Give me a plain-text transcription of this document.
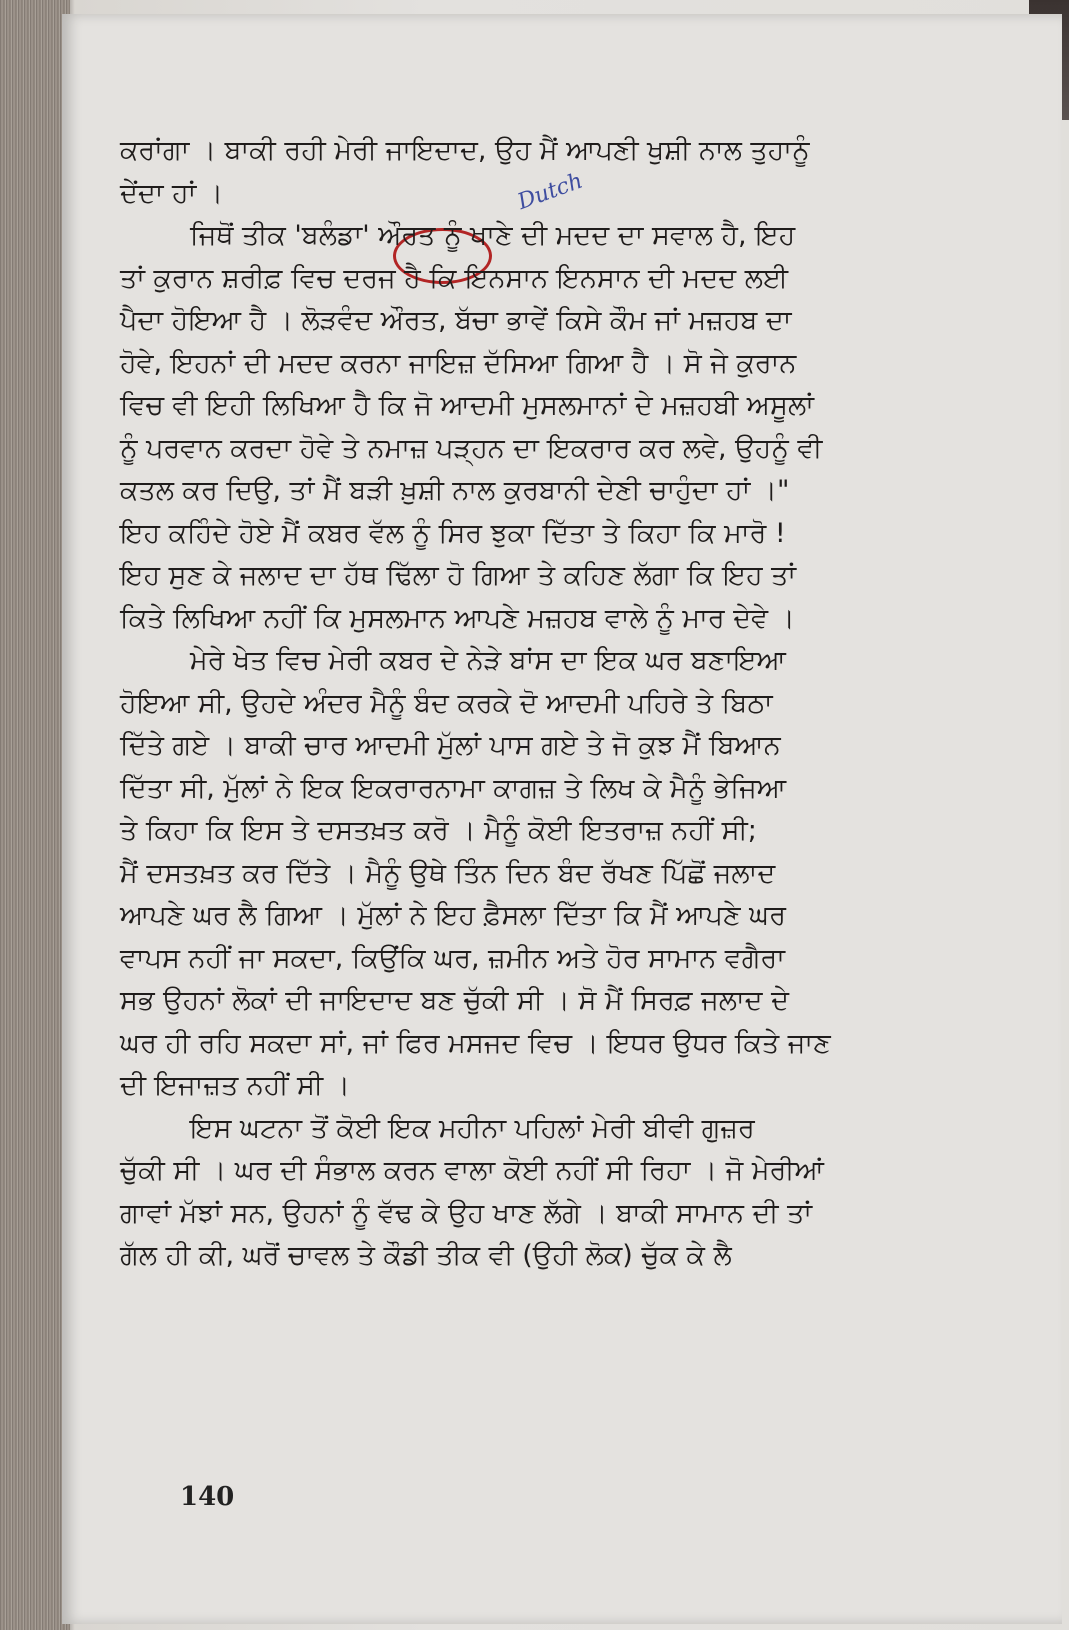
Dutch
ਕਰਾਂਗਾ । ਬਾਕੀ ਰਹੀ ਮੇਰੀ ਜਾਇਦਾਦ, ਉਹ ਮੈਂ ਆਪਣੀ ਖੁਸ਼ੀ ਨਾਲ ਤੁਹਾਨੂੰ
ਦੇਂਦਾ ਹਾਂ ।
ਜਿਥੋਂ ਤੀਕ 'ਬਲੰਡਾ' ਔਰਤ ਨੂੰ ਖਾਣੇ ਦੀ ਮਦਦ ਦਾ ਸਵਾਲ ਹੈ, ਇਹ
ਤਾਂ ਕੁਰਾਨ ਸ਼ਰੀਫ਼ ਵਿਚ ਦਰਜ ਹੈ ਕਿ ਇਨਸਾਨ ਇਨਸਾਨ ਦੀ ਮਦਦ ਲਈ
ਪੈਦਾ ਹੋਇਆ ਹੈ । ਲੋੜਵੰਦ ਔਰਤ, ਬੱਚਾ ਭਾਵੇਂ ਕਿਸੇ ਕੌਮ ਜਾਂ ਮਜ਼ਹਬ ਦਾ
ਹੋਵੇ, ਇਹਨਾਂ ਦੀ ਮਦਦ ਕਰਨਾ ਜਾਇਜ਼ ਦੱਸਿਆ ਗਿਆ ਹੈ । ਸੋ ਜੇ ਕੁਰਾਨ
ਵਿਚ ਵੀ ਇਹੀ ਲਿਖਿਆ ਹੈ ਕਿ ਜੋ ਆਦਮੀ ਮੁਸਲਮਾਨਾਂ ਦੇ ਮਜ਼ਹਬੀ ਅਸੂਲਾਂ
ਨੂੰ ਪਰਵਾਨ ਕਰਦਾ ਹੋਵੇ ਤੇ ਨਮਾਜ਼ ਪੜ੍ਹਨ ਦਾ ਇਕਰਾਰ ਕਰ ਲਵੇ, ਉਹਨੂੰ ਵੀ
ਕਤਲ ਕਰ ਦਿਉ, ਤਾਂ ਮੈਂ ਬੜੀ ਖ਼ੁਸ਼ੀ ਨਾਲ ਕੁਰਬਾਨੀ ਦੇਣੀ ਚਾਹੁੰਦਾ ਹਾਂ ।"
ਇਹ ਕਹਿੰਦੇ ਹੋਏ ਮੈਂ ਕਬਰ ਵੱਲ ਨੂੰ ਸਿਰ ਝੁਕਾ ਦਿੱਤਾ ਤੇ ਕਿਹਾ ਕਿ ਮਾਰੋ !
ਇਹ ਸੁਣ ਕੇ ਜਲਾਦ ਦਾ ਹੱਥ ਢਿੱਲਾ ਹੋ ਗਿਆ ਤੇ ਕਹਿਣ ਲੱਗਾ ਕਿ ਇਹ ਤਾਂ
ਕਿਤੇ ਲਿਖਿਆ ਨਹੀਂ ਕਿ ਮੁਸਲਮਾਨ ਆਪਣੇ ਮਜ਼ਹਬ ਵਾਲੇ ਨੂੰ ਮਾਰ ਦੇਵੇ ।
ਮੇਰੇ ਖੇਤ ਵਿਚ ਮੇਰੀ ਕਬਰ ਦੇ ਨੇੜੇ ਬਾਂਸ ਦਾ ਇਕ ਘਰ ਬਣਾਇਆ
ਹੋਇਆ ਸੀ, ਉਹਦੇ ਅੰਦਰ ਮੈਨੂੰ ਬੰਦ ਕਰਕੇ ਦੋ ਆਦਮੀ ਪਹਿਰੇ ਤੇ ਬਿਠਾ
ਦਿੱਤੇ ਗਏ । ਬਾਕੀ ਚਾਰ ਆਦਮੀ ਮੁੱਲਾਂ ਪਾਸ ਗਏ ਤੇ ਜੋ ਕੁਝ ਮੈਂ ਬਿਆਨ
ਦਿੱਤਾ ਸੀ, ਮੁੱਲਾਂ ਨੇ ਇਕ ਇਕਰਾਰਨਾਮਾ ਕਾਗਜ਼ ਤੇ ਲਿਖ ਕੇ ਮੈਨੂੰ ਭੇਜਿਆ
ਤੇ ਕਿਹਾ ਕਿ ਇਸ ਤੇ ਦਸਤਖ਼ਤ ਕਰੋ । ਮੈਨੂੰ ਕੋਈ ਇਤਰਾਜ਼ ਨਹੀਂ ਸੀ;
ਮੈਂ ਦਸਤਖ਼ਤ ਕਰ ਦਿੱਤੇ । ਮੈਨੂੰ ਉਥੇ ਤਿੰਨ ਦਿਨ ਬੰਦ ਰੱਖਣ ਪਿੱਛੋਂ ਜਲਾਦ
ਆਪਣੇ ਘਰ ਲੈ ਗਿਆ । ਮੁੱਲਾਂ ਨੇ ਇਹ ਫ਼ੈਸਲਾ ਦਿੱਤਾ ਕਿ ਮੈਂ ਆਪਣੇ ਘਰ
ਵਾਪਸ ਨਹੀਂ ਜਾ ਸਕਦਾ, ਕਿਉਂਕਿ ਘਰ, ਜ਼ਮੀਨ ਅਤੇ ਹੋਰ ਸਾਮਾਨ ਵਗੈਰਾ
ਸਭ ਉਹਨਾਂ ਲੋਕਾਂ ਦੀ ਜਾਇਦਾਦ ਬਣ ਚੁੱਕੀ ਸੀ । ਸੋ ਮੈਂ ਸਿਰਫ਼ ਜਲਾਦ ਦੇ
ਘਰ ਹੀ ਰਹਿ ਸਕਦਾ ਸਾਂ, ਜਾਂ ਫਿਰ ਮਸਜਦ ਵਿਚ । ਇਧਰ ਉਧਰ ਕਿਤੇ ਜਾਣ
ਦੀ ਇਜਾਜ਼ਤ ਨਹੀਂ ਸੀ ।
ਇਸ ਘਟਨਾ ਤੋਂ ਕੋਈ ਇਕ ਮਹੀਨਾ ਪਹਿਲਾਂ ਮੇਰੀ ਬੀਵੀ ਗੁਜ਼ਰ
ਚੁੱਕੀ ਸੀ । ਘਰ ਦੀ ਸੰਭਾਲ ਕਰਨ ਵਾਲਾ ਕੋਈ ਨਹੀਂ ਸੀ ਰਿਹਾ । ਜੋ ਮੇਰੀਆਂ
ਗਾਵਾਂ ਮੱਝਾਂ ਸਨ, ਉਹਨਾਂ ਨੂੰ ਵੱਢ ਕੇ ਉਹ ਖਾਣ ਲੱਗੇ । ਬਾਕੀ ਸਾਮਾਨ ਦੀ ਤਾਂ
ਗੱਲ ਹੀ ਕੀ, ਘਰੋਂ ਚਾਵਲ ਤੇ ਕੌਡੀ ਤੀਕ ਵੀ (ਉਹੀ ਲੋਕ) ਚੁੱਕ ਕੇ ਲੈ
140
